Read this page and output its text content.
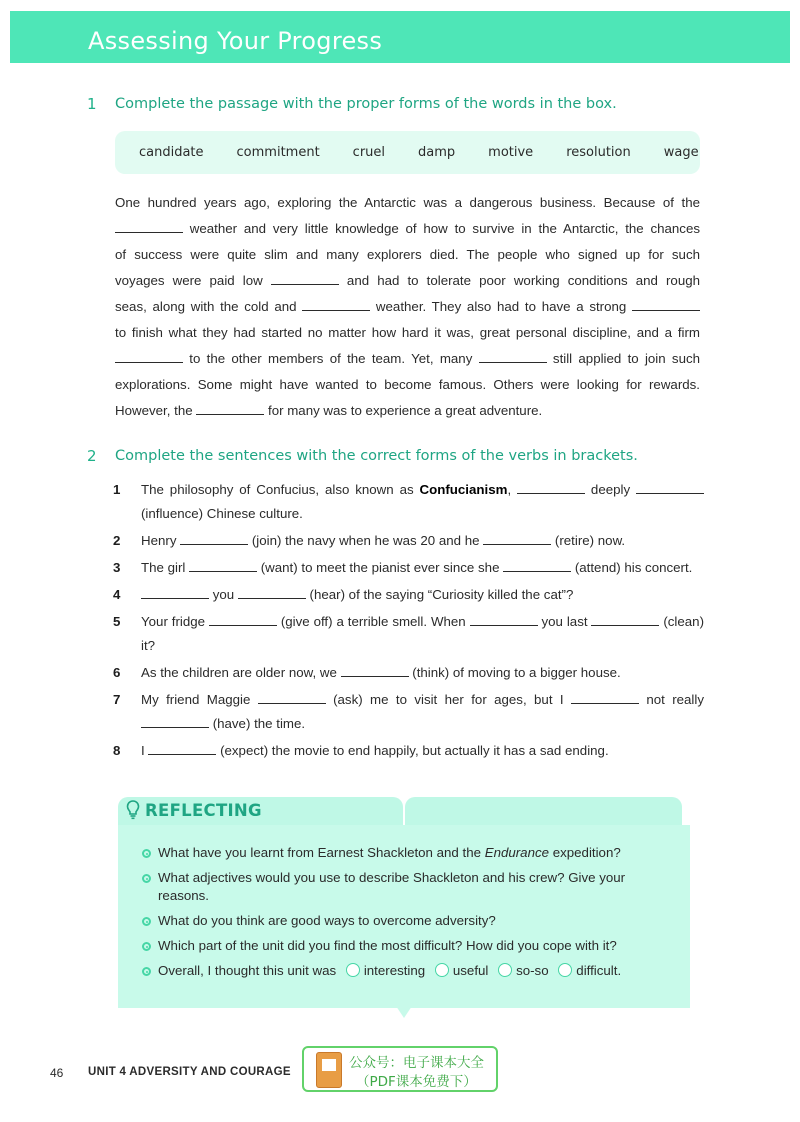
Assessing Your Progress
1 Complete the passage with the proper forms of the words in the box.
candidate	commitment	cruel	damp	motive	resolution	wage
One hundred years ago, exploring the Antarctic was a dangerous business. Because of the
weather and very little knowledge of how to survive in the Antarctic, the chances
of success were quite slim and many explorers died. The people who signed up for such
voyages were paid low	and had to tolerate poor working conditions and rough
seas, along with the cold and	weather. They also had to have a strong
to finish what they had started no matter how hard it was, great personal discipline, and a firm
to the other members of the team. Yet, many	still applied to join such
explorations. Some might have wanted to become famous. Others were looking for rewards.
However, the	for many was to experience a great adventure.
2 Complete the sentences with the correct forms of the verbs in brackets.
1 The philosophy of Confucius, also known as Confucianism,	deeply
(influence) Chinese culture.
2 Henry	(join) the navy when he was 20 and he	(retire) now.
3 The girl	(want) to meet the pianist ever since she	(attend) his concert.
4	you	(hear) of the saying “Curiosity killed the cat”?
5 Your fridge	(give off) a terrible smell. When	you last	(clean)
it?
6 As the children are older now, we	(think) of moving to a bigger house.
7 My friend Maggie	(ask) me to visit her for ages, but I	not really
(have) the time.
8 I	(expect) the movie to end happily, but actually it has a sad ending.
REFLECTING
What have you learnt from Earnest Shackleton and the Endurance expedition?
What adjectives would you use to describe Shackleton and his crew? Give your
reasons.
What do you think are good ways to overcome adversity?
Which part of the unit did you find the most difficult? How did you cope with it?
Overall, I thought this unit was interesting useful so-so difficult.
46 UNIT 4 ADVERSITY AND COURAGE
公众号：电子课本大全
（PDF课本免费下）
